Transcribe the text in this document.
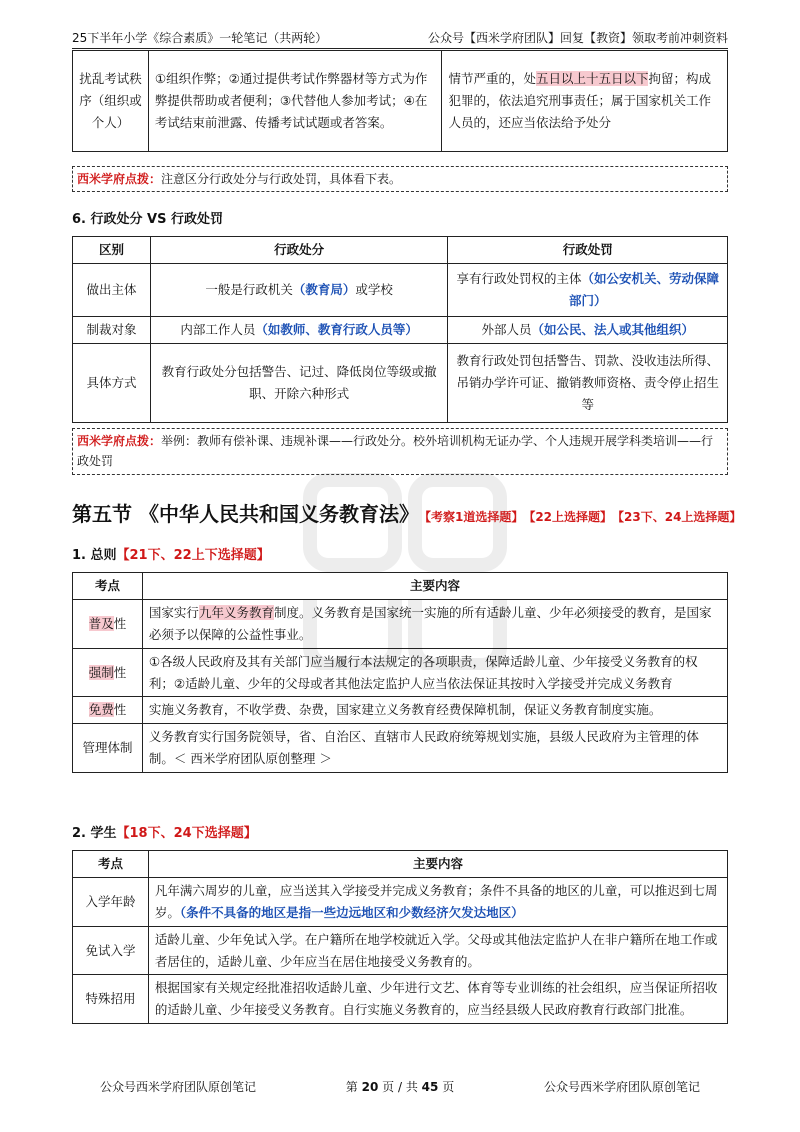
25下半年小学《综合素质》一轮笔记（共两轮）	公众号【西米学府团队】回复【教资】领取考前冲刺资料
扰乱考试秩序（组织或个人）	①组织作弊；②通过提供考试作弊器材等方式为作弊提供帮助或者便利；③代替他人参加考试；④在考试结束前泄露、传播考试试题或者答案。	情节严重的，处五日以上十五日以下拘留；构成犯罪的，依法追究刑事责任；属于国家机关工作人员的，还应当依法给予处分
西米学府点拨：注意区分行政处分与行政处罚，具体看下表。
6. 行政处分 VS 行政处罚
区别	行政处分	行政处罚
做出主体	一般是行政机关（教育局）或学校	享有行政处罚权的主体（如公安机关、劳动保障部门）
制裁对象	内部工作人员（如教师、教育行政人员等）	外部人员（如公民、法人或其他组织）
具体方式	教育行政处分包括警告、记过、降低岗位等级或撤职、开除六种形式	教育行政处罚包括警告、罚款、没收违法所得、吊销办学许可证、撤销教师资格、责令停止招生等
西米学府点拨：举例：教师有偿补课、违规补课——行政处分。校外培训机构无证办学、个人违规开展学科类培训——行政处罚
第五节 《中华人民共和国义务教育法》 【考察1道选择题】 【22上选择题】 【23下、24上选择题】
1. 总则【21下、22上下选择题】
考点	主要内容
普及性	国家实行九年义务教育制度。义务教育是国家统一实施的所有适龄儿童、少年必须接受的教育，是国家必须予以保障的公益性事业。
强制性	①各级人民政府及其有关部门应当履行本法规定的各项职责，保障适龄儿童、少年接受义务教育的权利；②适龄儿童、少年的父母或者其他法定监护人应当依法保证其按时入学接受并完成义务教育
免费性	实施义务教育，不收学费、杂费，国家建立义务教育经费保障机制，保证义务教育制度实施。
管理体制	义务教育实行国务院领导，省、自治区、直辖市人民政府统筹规划实施，县级人民政府为主管理的体制。＜ 西米学府团队原创整理 ＞
2. 学生【18下、24下选择题】
考点	主要内容
入学年龄	凡年满六周岁的儿童，应当送其入学接受并完成义务教育；条件不具备的地区的儿童，可以推迟到七周岁。（条件不具备的地区是指一些边远地区和少数经济欠发达地区）
免试入学	适龄儿童、少年免试入学。在户籍所在地学校就近入学。父母或其他法定监护人在非户籍所在地工作或者居住的，适龄儿童、少年应当在居住地接受义务教育的。
特殊招用	根据国家有关规定经批准招收适龄儿童、少年进行文艺、体育等专业训练的社会组织，应当保证所招收的适龄儿童、少年接受义务教育。自行实施义务教育的，应当经县级人民政府教育行政部门批准。
公众号西米学府团队原创笔记	第 20 页 / 共 45 页	公众号西米学府团队原创笔记
